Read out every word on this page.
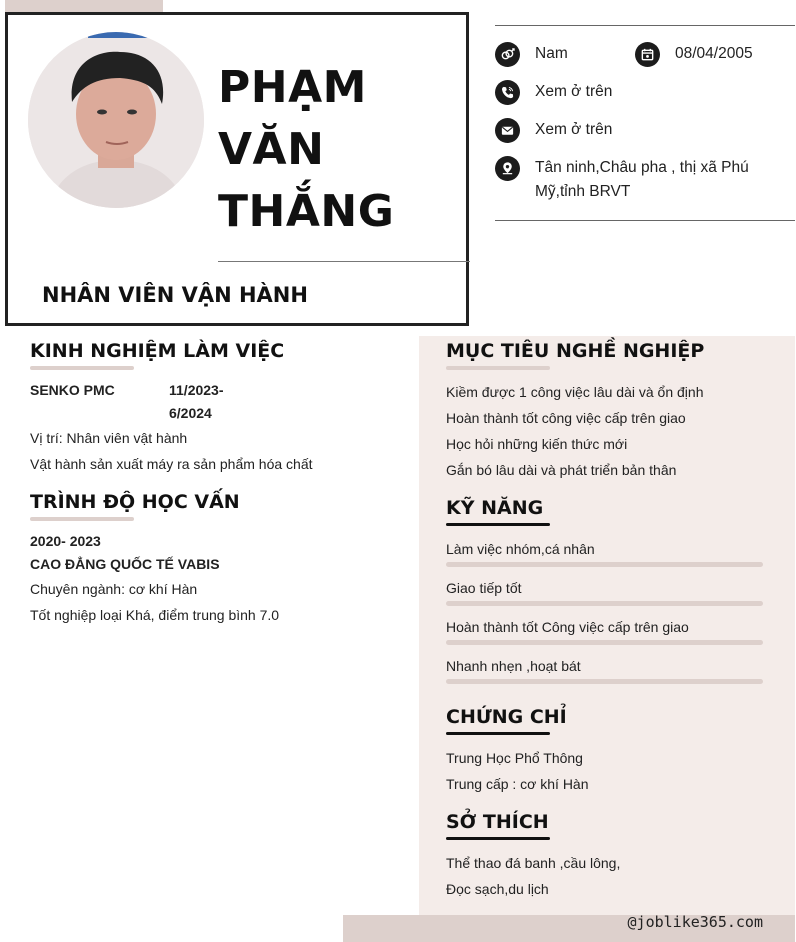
PHẠM
VĂN
THẮNG
NHÂN VIÊN VẬN HÀNH
Nam	08/04/2005
Xem ở trên
Xem ở trên
Tân ninh,Châu pha , thị xã Phú Mỹ,tỉnh BRVT
@joblike365.com
KINH NGHIỆM LÀM VIỆC
SENKO PMC	11/2023-
6/2024
Vị trí: Nhân viên vật hành
Vật hành sản xuất máy ra sản phẩm hóa chất
TRÌNH ĐỘ HỌC VẤN
2020- 2023
CAO ĐẲNG QUỐC TẾ VABIS
Chuyên ngành: cơ khí Hàn
Tốt nghiệp loại Khá, điểm trung bình 7.0
MỤC TIÊU NGHỀ NGHIỆP
Kiềm được 1 công việc lâu dài và ổn định
Hoàn thành tốt công việc cấp trên giao
Học hỏi những kiến thức mới
Gắn bó lâu dài và phát triển bản thân
KỸ NĂNG
Làm việc nhóm,cá nhân
Giao tiếp tốt
Hoàn thành tốt Công việc cấp trên giao
Nhanh nhẹn ,hoạt bát
CHỨNG CHỈ
Trung Học Phổ Thông
Trung cấp : cơ khí Hàn
SỞ THÍCH
Thể thao đá banh ,cầu lông,
Đọc sạch,du lịch
